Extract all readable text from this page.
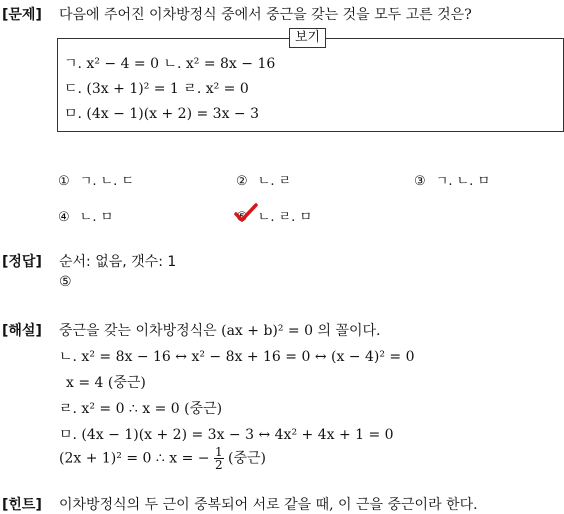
[문제] 다음에 주어진 이차방정식 중에서 중근을 갖는 것을 모두 고른 것은?
보기
ㄱ. x² − 4 = 0 ㄴ. x² = 8x − 16
ㄷ. (3x + 1)² = 1 ㄹ. x² = 0
ㅁ. (4x − 1)(x + 2) = 3x − 3
① ㄱ. ㄴ. ㄷ	② ㄴ. ㄹ	③ ㄱ. ㄴ. ㅁ
④ ㄴ. ㅁ	⑤ ㄴ. ㄹ. ㅁ
[정답] 순서: 없음, 갯수: 1
⑤
[해설] 중근을 갖는 이차방정식은 (ax + b)² = 0 의 꼴이다.
ㄴ. x² = 8x − 16 ↔ x² − 8x + 16 = 0 ↔ (x − 4)² = 0
x = 4 (중근)
ㄹ. x² = 0 ∴ x = 0 (중근)
ㅁ. (4x − 1)(x + 2) = 3x − 3 ↔ 4x² + 4x + 1 = 0
(2x + 1)² = 0 ∴ x = − $\frac{1}{2}$ (중근)
[힌트] 이차방정식의 두 근이 중복되어 서로 같을 때, 이 근을 중근이라 한다.
